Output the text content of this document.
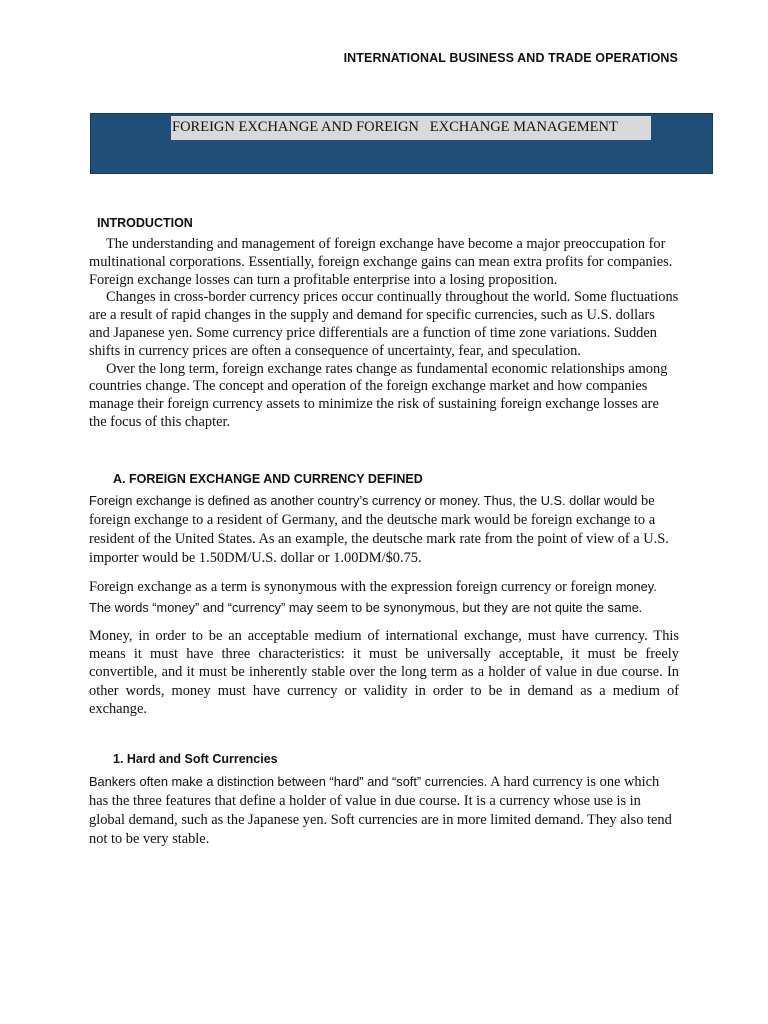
INTERNATIONAL BUSINESS AND TRADE OPERATIONS
FOREIGN EXCHANGE AND FOREIGN   EXCHANGE MANAGEMENT
INTRODUCTION

The understanding and management of foreign exchange have become a major preoccupation for multinational corporations. Essentially, foreign exchange gains can mean extra profits for companies. Foreign exchange losses can turn a profitable enterprise into a losing proposition.

Changes in cross-border currency prices occur continually throughout the world. Some fluctuations are a result of rapid changes in the supply and demand for specific currencies, such as U.S. dollars and Japanese yen. Some currency price differentials are a function of time zone variations. Sudden shifts in currency prices are often a consequence of uncertainty, fear, and speculation.

Over the long term, foreign exchange rates change as fundamental economic relationships among countries change. The concept and operation of the foreign exchange market and how companies manage their foreign currency assets to minimize the risk of sustaining foreign exchange losses are the focus of this chapter.

A. FOREIGN EXCHANGE AND CURRENCY DEFINED
Foreign exchange is defined as another country’s currency or money. Thus, the U.S. dollar would be foreign exchange to a resident of Germany, and the deutsche mark would be foreign exchange to a resident of the United States. As an example, the deutsche mark rate from the point of view of a U.S. importer would be 1.50DM/U.S. dollar or 1.00DM/$0.75.
Foreign exchange as a term is synonymous with the expression foreign currency or foreign money. The words “money” and “currency” may seem to be synonymous, but they are not quite the same.
Money, in order to be an acceptable medium of international exchange, must have currency. This means it must have three characteristics: it must be universally acceptable, it must be freely convertible, and it must be inherently stable over the long term as a holder of value in due course. In other words, money must have currency or validity in order to be in demand as a medium of exchange.
1. Hard and Soft Currencies
Bankers often make a distinction between “hard” and “soft” currencies. A hard currency is one which has the three features that define a holder of value in due course. It is a currency whose use is in global demand, such as the Japanese yen. Soft currencies are in more limited demand. They also tend not to be very stable.
